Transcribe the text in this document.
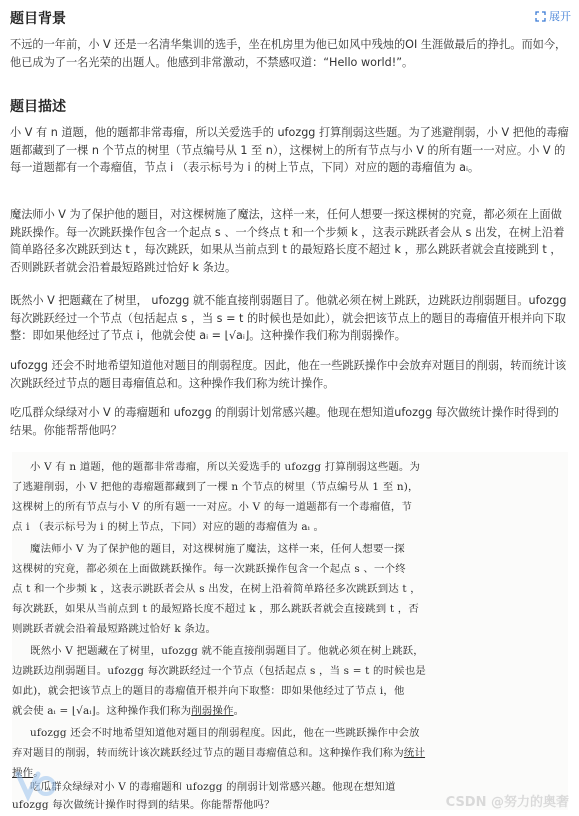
题目背景	展开
不远的一年前，小 V 还是一名清华集训的选手，坐在机房里为他已如风中残烛的OI 生涯做最后的挣扎。而如今，他已成为了一名光荣的出题人。他感到非常激动，不禁感叹道：“Hello world!”。
题目描述
小 V 有 n 道题，他的题都非常毒瘤，所以关爱选手的 ufozgg 打算削弱这些题。为了逃避削弱，小 V 把他的毒瘤题都藏到了一棵 n 个节点的树里（节点编号从 1 至 n），这棵树上的所有节点与小 V 的所有题一一对应。小 V 的每一道题都有一个毒瘤值，节点 i （表示标号为 i 的树上节点，下同）对应的题的毒瘤值为 aᵢ。
魔法师小 V 为了保护他的题目，对这棵树施了魔法，这样一来，任何人想要一探这棵树的究竟，都必须在上面做跳跃操作。每一次跳跃操作包含一个起点 s 、一个终点 t 和一个步频 k ，这表示跳跃者会从 s 出发，在树上沿着简单路径多次跳跃到达 t ，每次跳跃，如果从当前点到 t 的最短路长度不超过 k ，那么跳跃者就会直接跳到 t ，否则跳跃者就会沿着最短路跳过恰好 k 条边。
既然小 V 把题藏在了树里， ufozgg 就不能直接削弱题目了。他就必须在树上跳跃，边跳跃边削弱题目。ufozgg 每次跳跃经过一个节点（包括起点 s ，当 s = t 的时候也是如此），就会把该节点上的题目的毒瘤值开根并向下取整：即如果他经过了节点 i，他就会使 aᵢ = ⌊√aᵢ⌋。这种操作我们称为削弱操作。
ufozgg 还会不时地希望知道他对题目的削弱程度。因此，他在一些跳跃操作中会放弃对题目的削弱，转而统计该次跳跃经过节点的题目毒瘤值总和。这种操作我们称为统计操作。
吃瓜群众绿绿对小 V 的毒瘤题和 ufozgg 的削弱计划常感兴趣。他现在想知道ufozgg 每次做统计操作时得到的结果。你能帮帮他吗？
小 V 有 n 道题，他的题都非常毒瘤，所以关爱选手的 ufozgg 打算削弱这些题。为
了逃避削弱，小 V 把他的毒瘤题都藏到了一棵 n 个节点的树里（节点编号从 1 至 n)，
这棵树上的所有节点与小 V 的所有题一一对应。小 V 的每一道题都有一个毒瘤值，节
点 i （表示标号为 i 的树上节点，下同）对应的题的毒瘤值为 aᵢ 。
魔法师小 V 为了保护他的题目，对这棵树施了魔法，这样一来，任何人想要一探
这棵树的究竟，都必须在上面做跳跃操作。每一次跳跃操作包含一个起点 s 、一个终
点 t 和一个步频 k ，这表示跳跃者会从 s 出发，在树上沿着简单路径多次跳跃到达 t ，
每次跳跃，如果从当前点到 t 的最短路长度不超过 k ，那么跳跃者就会直接跳到 t ，否
则跳跃者就会沿着最短路跳过恰好 k 条边。
既然小 V 把题藏在了树里，ufozgg 就不能直接削弱题目了。他就必须在树上跳跃，
边跳跃边削弱题目。ufozgg 每次跳跃经过一个节点（包括起点 s ，当 s = t 的时候也是
如此)，就会把该节点上的题目的毒瘤值开根并向下取整：即如果他经过了节点 i，他
就会使 aᵢ = ⌊√aᵢ⌋。这种操作我们称为削弱操作。
ufozgg 还会不时地希望知道他对题目的削弱程度。因此，他在一些跳跃操作中会放
弃对题目的削弱，转而统计该次跳跃经过节点的题目毒瘤值总和。这种操作我们称为统计
操作。
吃瓜群众绿绿对小 V 的毒瘤题和 ufozgg 的削弱计划常感兴趣。他现在想知道
ufozgg 每次做统计操作时得到的结果。你能帮帮他吗？	CSDN @努力的奥奢
